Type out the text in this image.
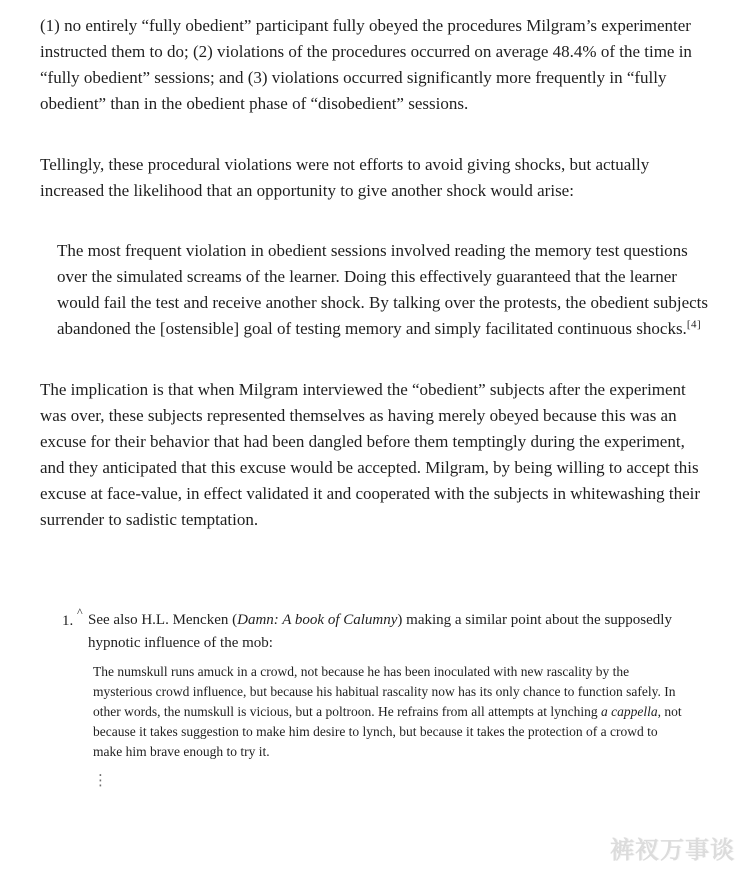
(1) no entirely “fully obedient” participant fully obeyed the procedures Milgram’s experimenter instructed them to do; (2) violations of the procedures occurred on average 48.4% of the time in “fully obedient” sessions; and (3) violations occurred significantly more frequently in “fully obedient” than in the obedient phase of “disobedient” sessions.

Tellingly, these procedural violations were not efforts to avoid giving shocks, but actually increased the likelihood that an opportunity to give another shock would arise:

The most frequent violation in obedient sessions involved reading the memory test questions over the simulated screams of the learner. Doing this effectively guaranteed that the learner would fail the test and receive another shock. By talking over the protests, the obedient subjects abandoned the [ostensible] goal of testing memory and simply facilitated continuous shocks.[4]

The implication is that when Milgram interviewed the “obedient” subjects after the experiment was over, these subjects represented themselves as having merely obeyed because this was an excuse for their behavior that had been dangled before them temptingly during the experiment, and they anticipated that this excuse would be accepted. Milgram, by being willing to accept this excuse at face-value, in effect validated it and cooperated with the subjects in whitewashing their surrender to sadistic temptation.

1.
^ See also H.L. Mencken (Damn: A book of Calumny) making a similar point about the supposedly hypnotic influence of the mob:

The numskull runs amuck in a crowd, not because he has been inoculated with new rascality by the mysterious crowd influence, but because his habitual rascality now has its only chance to function safely. In other words, the numskull is vicious, but a poltroon. He refrains from all attempts at lynching a cappella, not because it takes suggestion to make him desire to lynch, but because it takes the protection of a crowd to make him brave enough to try it.
⋮
裤衩万事谈
